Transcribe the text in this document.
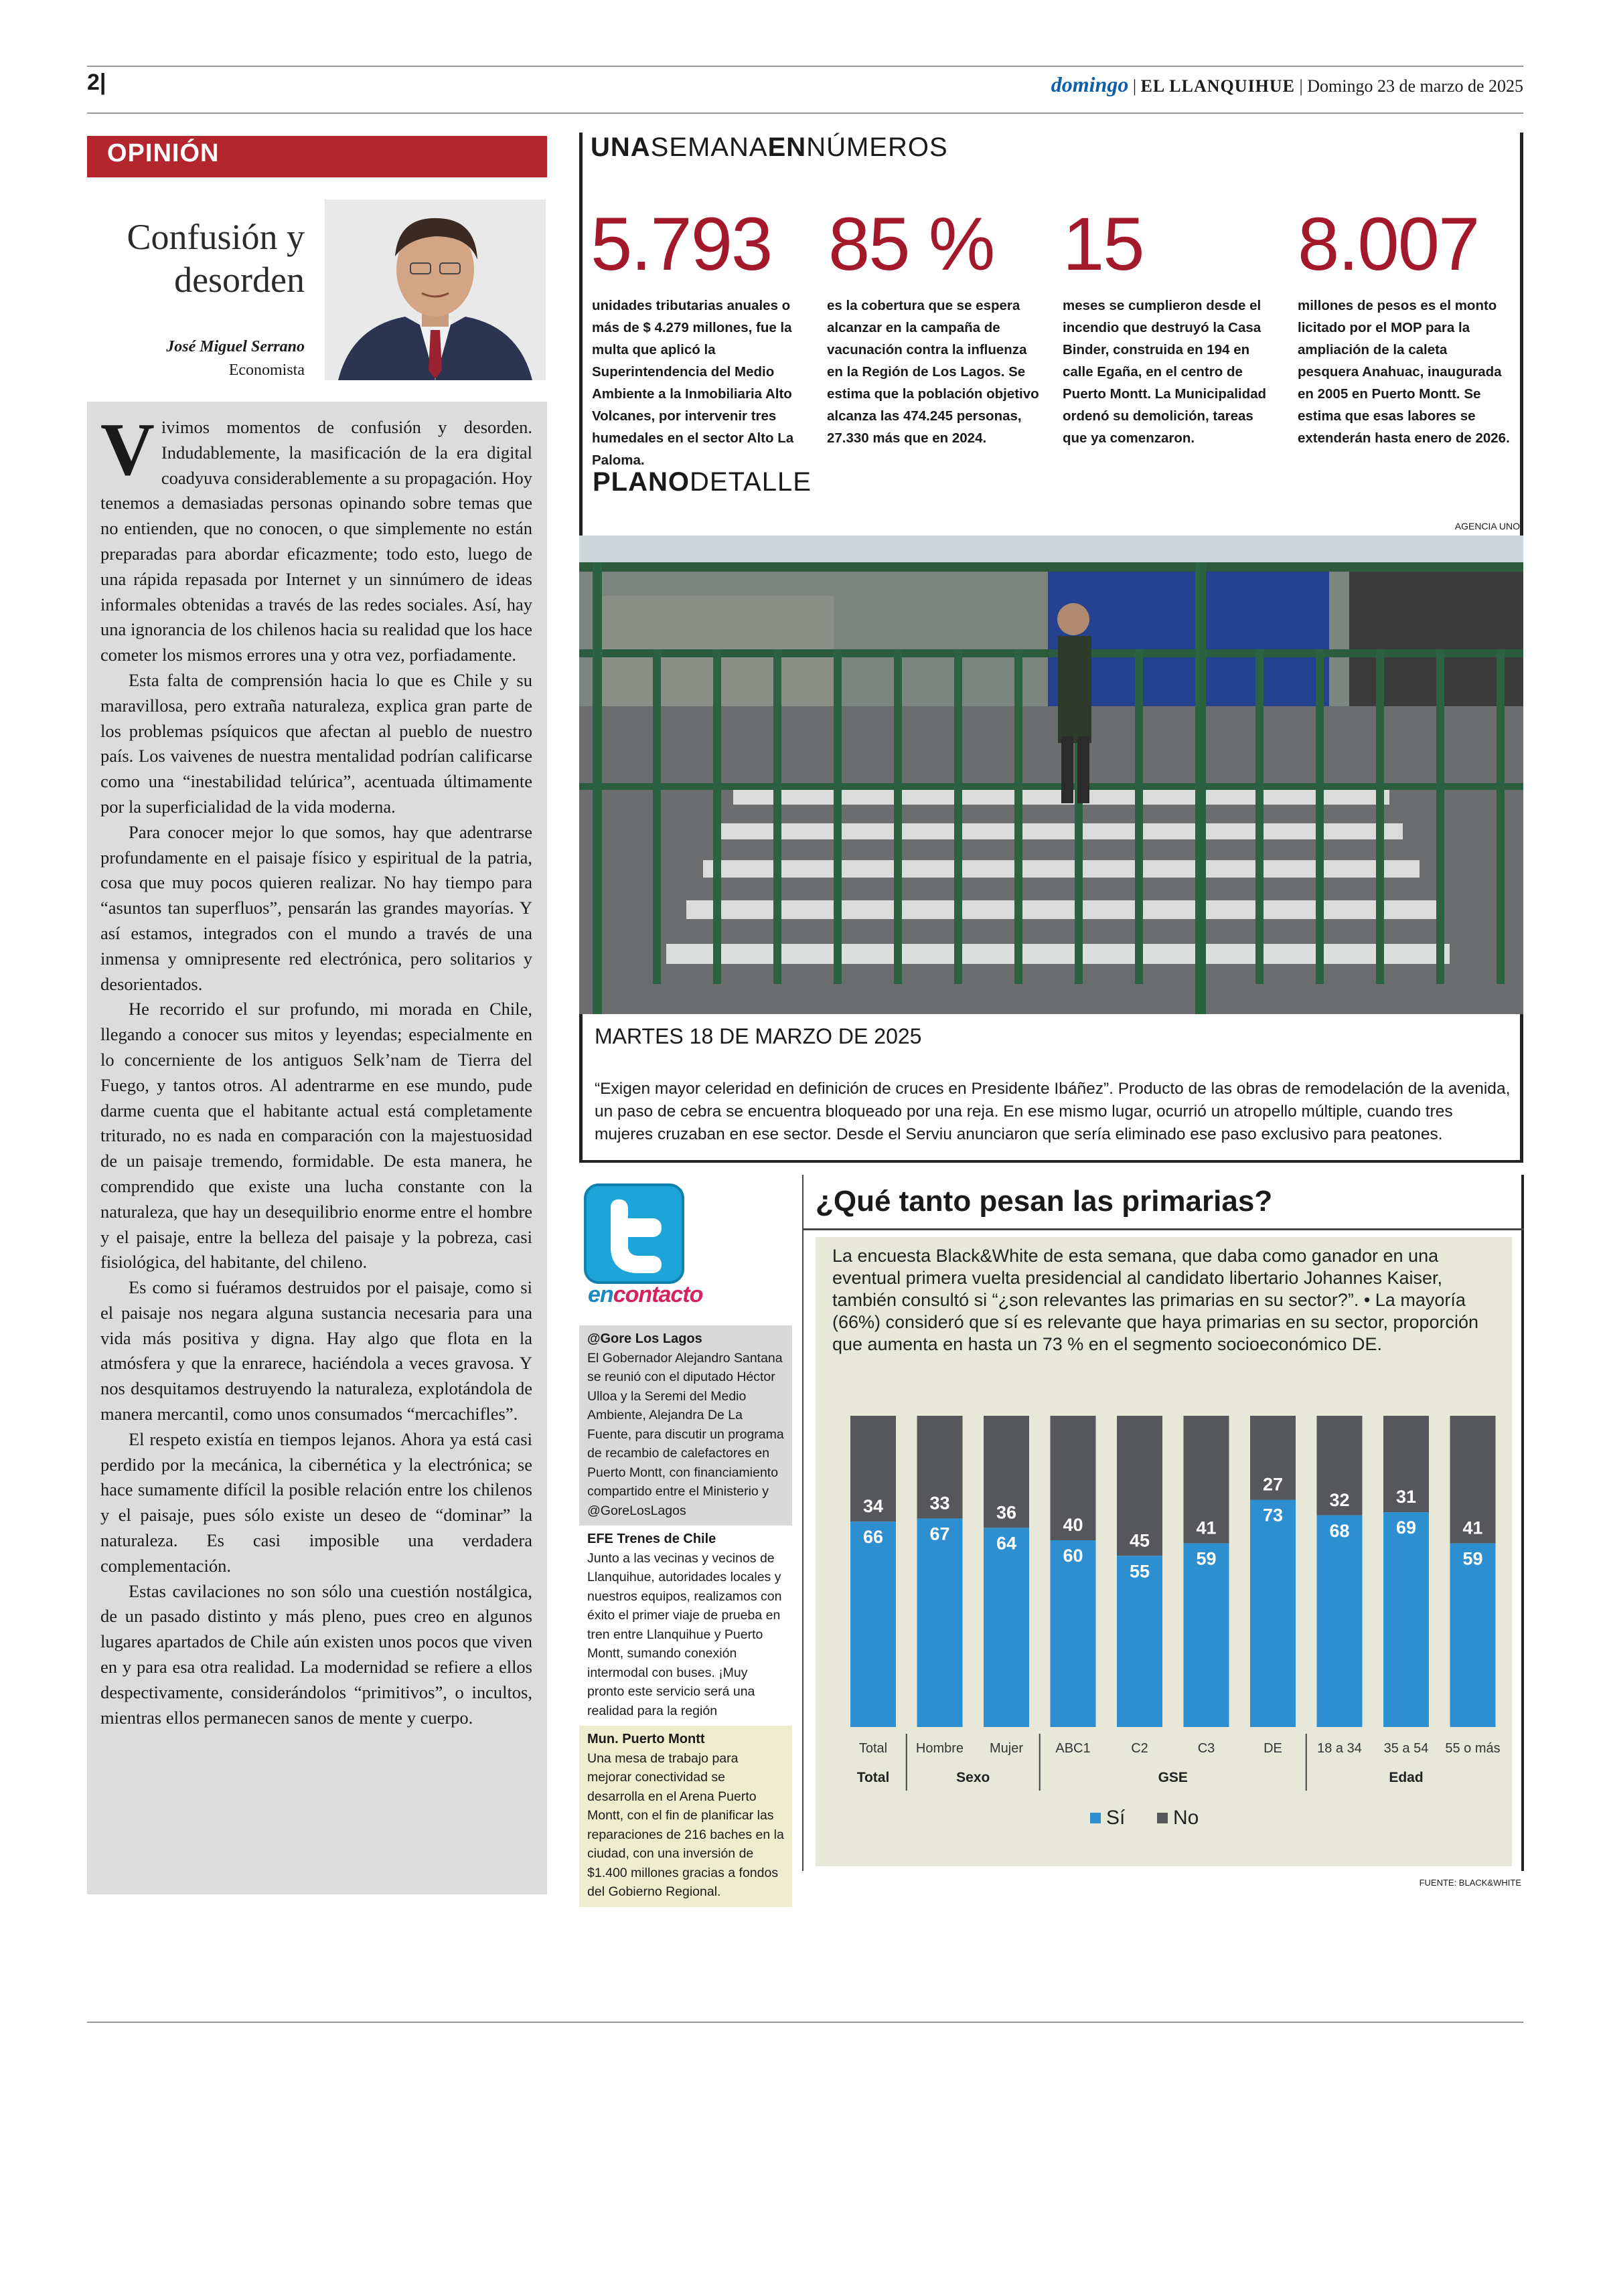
2|	domingo | EL LLANQUIHUE | Domingo 23 de marzo de 2025
OPINIÓN
Confusión y
desorden
José Miguel Serrano
Economista

Vivimos momentos de confusión y desorden. Indudablemente, la masificación de la era digital coadyuva considerablemente a su propagación. Hoy tenemos a demasiadas personas opinando sobre temas que no entienden, que no conocen, o que simplemente no están preparadas para abordar eficazmente; todo esto, luego de una rápida repasada por Internet y un sinnúmero de ideas informales obtenidas a través de las redes sociales. Así, hay una ignorancia de los chilenos hacia su realidad que los hace cometer los mismos errores una y otra vez, porfiadamente.

Esta falta de comprensión hacia lo que es Chile y su maravillosa, pero extraña naturaleza, explica gran parte de los problemas psíquicos que afectan al pueblo de nuestro país. Los vaivenes de nuestra mentalidad podrían calificarse como una “inestabilidad telúrica”, acentuada últimamente por la superficialidad de la vida moderna.

Para conocer mejor lo que somos, hay que adentrarse profundamente en el paisaje físico y espiritual de la patria, cosa que muy pocos quieren realizar. No hay tiempo para “asuntos tan superfluos”, pensarán las grandes mayorías. Y así estamos, integrados con el mundo a través de una inmensa y omnipresente red electrónica, pero solitarios y desorientados.

He recorrido el sur profundo, mi morada en Chile, llegando a conocer sus mitos y leyendas; especialmente en lo concerniente de los antiguos Selk’nam de Tierra del Fuego, y tantos otros. Al adentrarme en ese mundo, pude darme cuenta que el habitante actual está completamente triturado, no es nada en comparación con la majestuosidad de un paisaje tremendo, formidable. De esta manera, he comprendido que existe una lucha constante con la naturaleza, que hay un desequilibrio enorme entre el hombre y el paisaje, entre la belleza del paisaje y la pobreza, casi fisiológica, del habitante, del chileno.

Es como si fuéramos destruidos por el paisaje, como si el paisaje nos negara alguna sustancia necesaria para una vida más positiva y digna. Hay algo que flota en la atmósfera y que la enrarece, haciéndola a veces gravosa. Y nos desquitamos destruyendo la naturaleza, explotándola de manera mercantil, como unos consumados “mercachifles”.

El respeto existía en tiempos lejanos. Ahora ya está casi perdido por la mecánica, la cibernética y la electrónica; se hace sumamente difícil la posible relación entre los chilenos y el paisaje, pues sólo existe un deseo de “dominar” la naturaleza. Es casi imposible una verdadera complementación.

Estas cavilaciones no son sólo una cuestión nostálgica, de un pasado distinto y más pleno, pues creo en algunos lugares apartados de Chile aún existen unos pocos que viven en y para esa otra realidad. La modernidad se refiere a ellos despectivamente, considerándolos “primitivos”, o incultos, mientras ellos permanecen sanos de mente y cuerpo.

UNASEMANAENNÚMEROS
5.793
unidades tributarias anuales o más de $ 4.279 millones, fue la multa que aplicó la Superintendencia del Medio Ambiente a la Inmobiliaria Alto Volcanes, por intervenir tres humedales en el sector Alto La Paloma.
85 %
es la cobertura que se espera alcanzar en la campaña de vacunación contra la influenza en la Región de Los Lagos. Se estima que la población objetivo alcanza las 474.245 personas, 27.330 más que en 2024.
15
meses se cumplieron desde el incendio que destruyó la Casa Binder, construida en 194 en calle Egaña, en el centro de Puerto Montt. La Municipalidad ordenó su demolición, tareas que ya comenzaron.
8.007
millones de pesos es el monto licitado por el MOP para la ampliación de la caleta pesquera Anahuac, inaugurada en 2005 en Puerto Montt. Se estima que esas labores se extenderán hasta enero de 2026.
PLANODETALLE
AGENCIA UNO
MARTES 18 DE MARZO DE 2025
“Exigen mayor celeridad en definición de cruces en Presidente Ibáñez”. Producto de las obras de remodelación de la avenida, un paso de cebra se encuentra bloqueado por una reja. En ese mismo lugar, ocurrió un atropello múltiple, cuando tres mujeres cruzaban en ese sector. Desde el Serviu anunciaron que sería eliminado ese paso exclusivo para peatones.
encontacto
@Gore Los Lagos
El Gobernador Alejandro Santana se reunió con el diputado Héctor Ulloa y la Seremi del Medio Ambiente, Alejandra De La Fuente, para discutir un programa de recambio de calefactores en Puerto Montt, con financiamiento compartido entre el Ministerio y @GoreLosLagos
EFE Trenes de Chile
Junto a las vecinas y vecinos de Llanquihue, autoridades locales y nuestros equipos, realizamos con éxito el primer viaje de prueba en tren entre Llanquihue y Puerto Montt, sumando conexión intermodal con buses. ¡Muy pronto este servicio será una realidad para la región
Mun. Puerto Montt
Una mesa de trabajo para mejorar conectividad se desarrolla en el Arena Puerto Montt, con el fin de planificar las reparaciones de 216 baches en la ciudad, con una inversión de $1.400 millones gracias a fondos del Gobierno Regional.
¿Qué tanto pesan las primarias?
La encuesta Black&White de esta semana, que daba como ganador en una eventual primera vuelta presidencial al candidato libertario Johannes Kaiser, también consultó si “¿son relevantes las primarias en su sector?”. • La mayoría (66%) consideró que sí es relevante que haya primarias en su sector, proporción que aumenta en hasta un 73 % en el segmento socioeconómico DE.
34
66
Total
33
67
Hombre
36
64
Mujer
40
60
ABC1
45
55
C2
41
59
C3
27
73
DE
32
68
18 a 34
31
69
35 a 54
41
59
55 o más
Total	Sexo	GSE	Edad
Sí No
FUENTE: BLACK&WHITE
